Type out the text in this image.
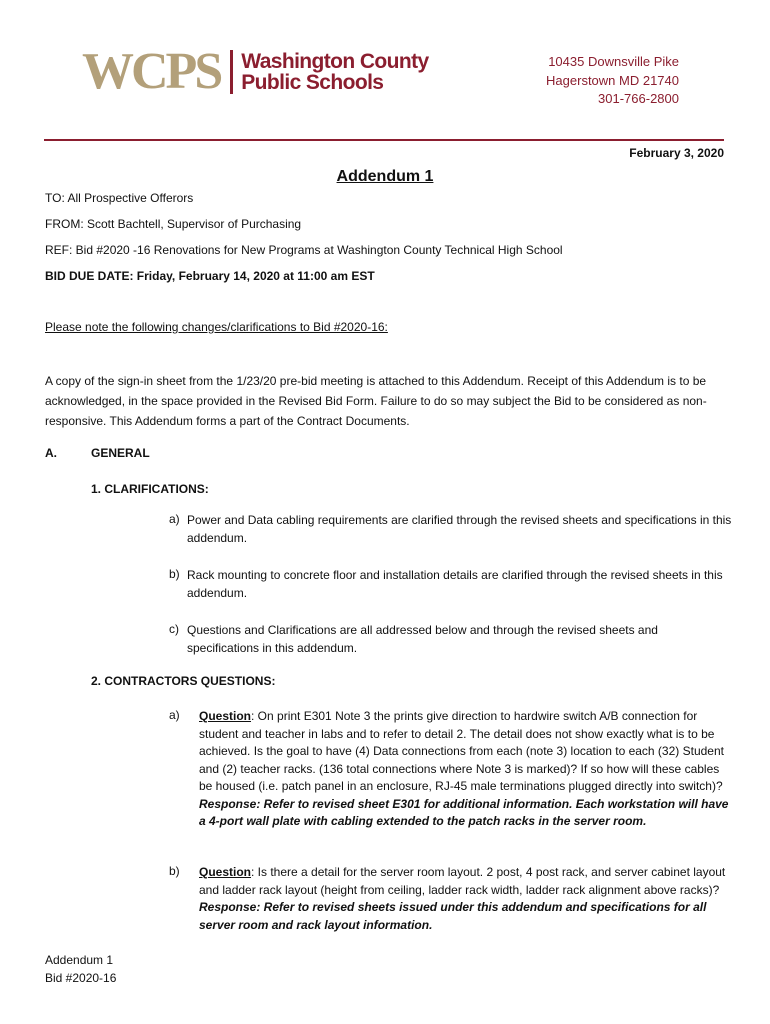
WCPS Washington County
Public Schools
10435 Downsville Pike
Hagerstown MD 21740
301-766-2800
February 3, 2020
Addendum 1
TO: All Prospective Offerors
FROM: Scott Bachtell, Supervisor of Purchasing
REF: Bid #2020 -16 Renovations for New Programs at Washington County Technical High School
BID DUE DATE: Friday, February 14, 2020 at 11:00 am EST
Please note the following changes/clarifications to Bid #2020-16:
A copy of the sign-in sheet from the 1/23/20 pre-bid meeting is attached to this Addendum. Receipt of this Addendum is to be acknowledged, in the space provided in the Revised Bid Form. Failure to do so may subject the Bid to be considered as non-responsive. This Addendum forms a part of the Contract Documents.
A.	GENERAL
1. CLARIFICATIONS:
a) Power and Data cabling requirements are clarified through the revised sheets and specifications in this addendum.
b) Rack mounting to concrete floor and installation details are clarified through the revised sheets in this addendum.
c) Questions and Clarifications are all addressed below and through the revised sheets and specifications in this addendum.
2. CONTRACTORS QUESTIONS:
a) Question: On print E301 Note 3 the prints give direction to hardwire switch A/B connection for student and teacher in labs and to refer to detail 2. The detail does not show exactly what is to be achieved. Is the goal to have (4) Data connections from each (note 3) location to each (32) Student and (2) teacher racks. (136 total connections where Note 3 is marked)? If so how will these cables be housed (i.e. patch panel in an enclosure, RJ-45 male terminations plugged directly into switch)?
Response: Refer to revised sheet E301 for additional information. Each workstation will have a 4-port wall plate with cabling extended to the patch racks in the server room.
b) Question: Is there a detail for the server room layout. 2 post, 4 post rack, and server cabinet layout and ladder rack layout (height from ceiling, ladder rack width, ladder rack alignment above racks)?
Response: Refer to revised sheets issued under this addendum and specifications for all server room and rack layout information.
Addendum 1
Bid #2020-16
